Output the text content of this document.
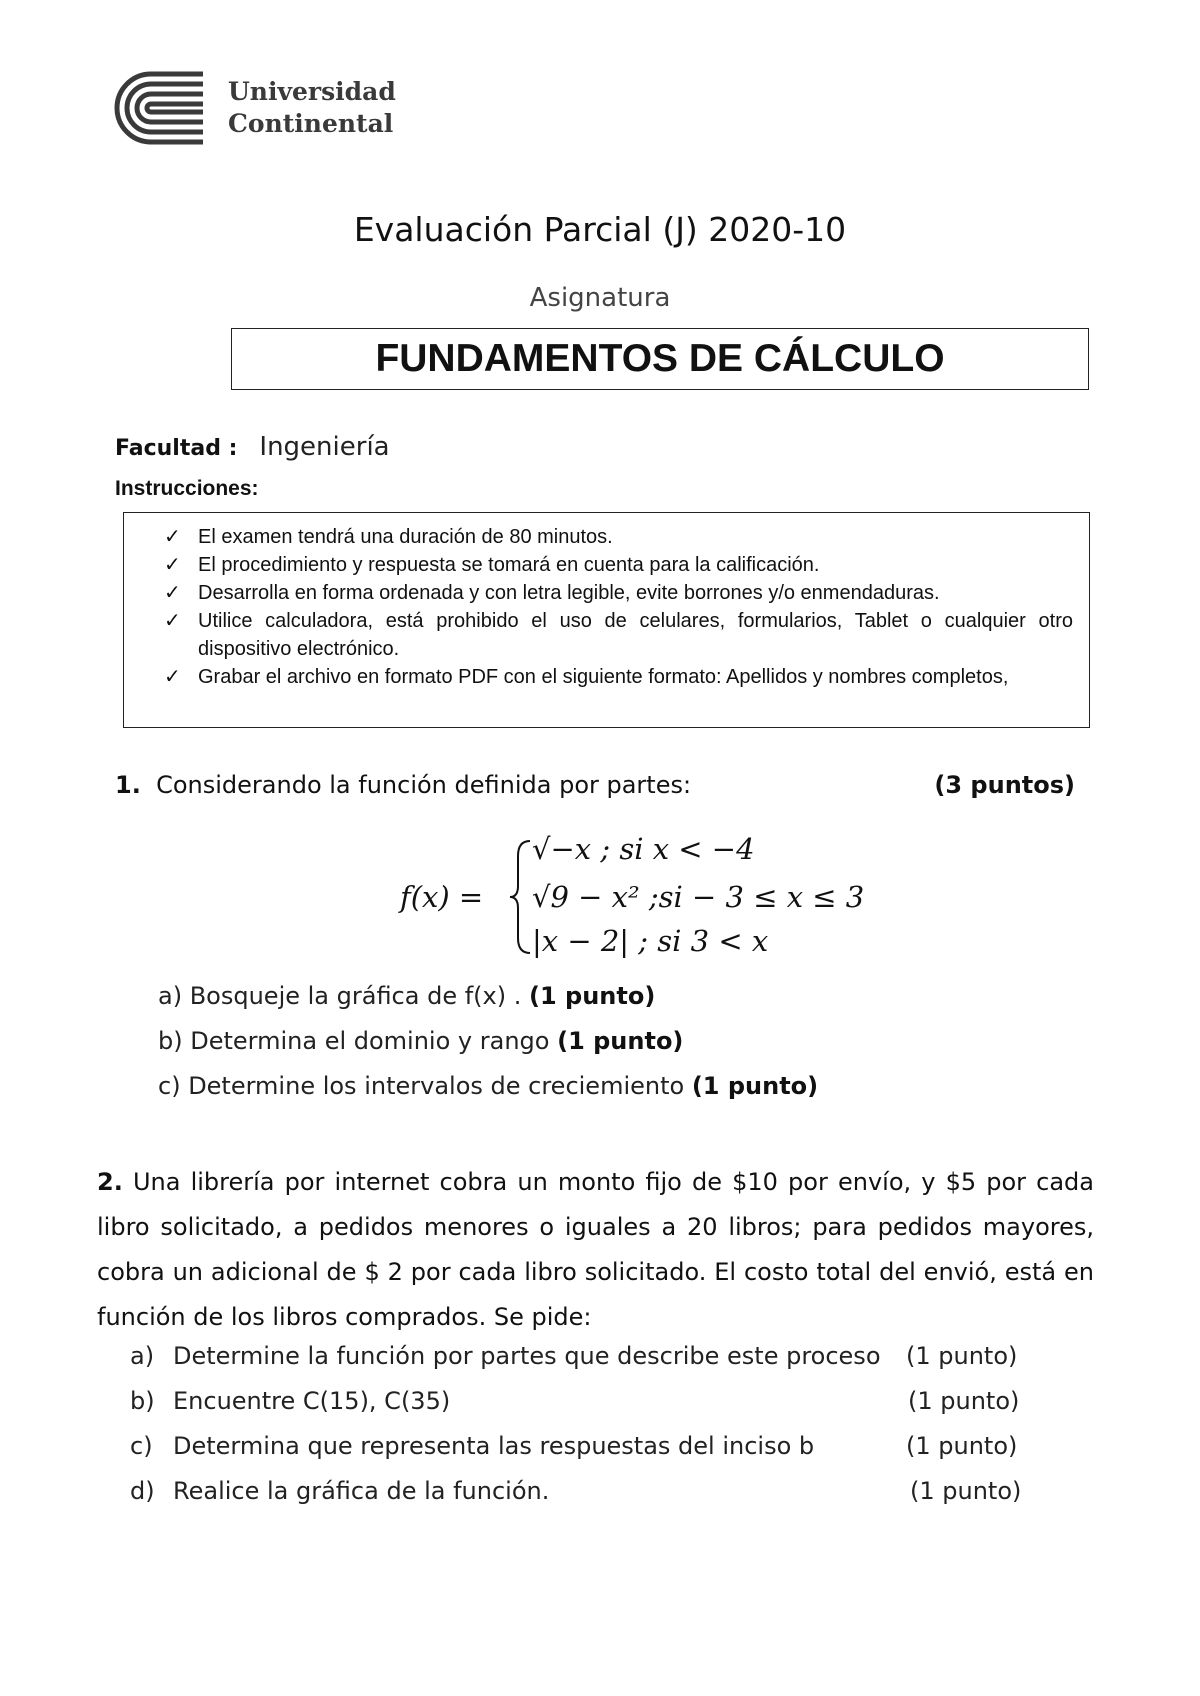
Universidad
Continental
Evaluación Parcial (J) 2020-10
Asignatura
FUNDAMENTOS DE CÁLCULO
Facultad : Ingeniería
Instrucciones:
✓ El examen tendrá una duración de 80 minutos.
✓ El procedimiento y respuesta se tomará en cuenta para la calificación.
✓ Desarrolla en forma ordenada y con letra legible, evite borrones y/o enmendaduras.
✓ Utilice calculadora, está prohibido el uso de celulares, formularios, Tablet o cualquier otro dispositivo electrónico.
✓ Grabar el archivo en formato PDF con el siguiente formato: Apellidos y nombres completos,
1. Considerando la función definida por partes:	(3 puntos)
f(x) =
√−x ; si x < −4
√9 − x² ;si − 3 ≤ x ≤ 3
|x − 2| ; si 3 < x
a) Bosqueje la gráfica de f(x) . (1 punto)
b) Determina el dominio y rango (1 punto)
c) Determine los intervalos de creciemiento (1 punto)
2. Una librería por internet cobra un monto fijo de $10 por envío, y $5 por cada libro solicitado, a pedidos menores o iguales a 20 libros; para pedidos mayores, cobra un adicional de $ 2 por cada libro solicitado. El costo total del envió, está en función de los libros comprados. Se pide:
a) Determine la función por partes que describe este proceso (1 punto)
b) Encuentre C(15), C(35)	(1 punto)
c) Determina que representa las respuestas del inciso b	(1 punto)
d) Realice la gráfica de la función.	(1 punto)
